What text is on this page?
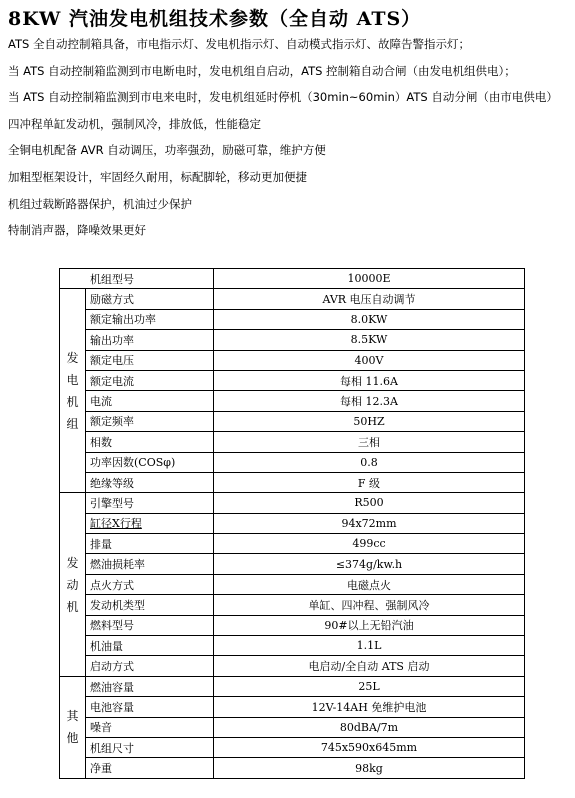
8KW 汽油发电机组技术参数（全自动 ATS）
ATS 全自动控制箱具备，市电指示灯、发电机指示灯、自动模式指示灯、故障告警指示灯；
当 ATS 自动控制箱监测到市电断电时，发电机组自启动，ATS 控制箱自动合闸（由发电机组供电）；
当 ATS 自动控制箱监测到市电来电时，发电机组延时停机（30min~60min）ATS 自动分闸（由市电供电）
四冲程单缸发动机，强制风冷，排放低，性能稳定
全铜电机配备 AVR 自动调压，功率强劲，励磁可靠，维护方便
加粗型框架设计，牢固经久耐用，标配脚轮，移动更加便捷
机组过载断路器保护，机油过少保护
特制消声器，降噪效果更好
机组型号		10000E

发电机组	励磁方式	AVR 电压自动调节
	额定输出功率	8.0KW
	输出功率	8.5KW
	额定电压	400V
	额定电流	每相 11.6A
	电流	每相 12.3A
	额定频率	50HZ
	相数	三相
	功率因数(COSφ)	0.8
	绝缘等级	F 级

发动机	引擎型号	R500
	缸径X行程	94x72mm
	排量	499cc
	燃油损耗率	≤374g/kw.h
	点火方式	电磁点火
	发动机类型	单缸、四冲程、强制风冷
	燃料型号	90#以上无铅汽油
	机油量	1.1L
	启动方式	电启动/全自动 ATS 启动

其他	燃油容量	25L
	电池容量	12V-14AH 免维护电池
	噪音	80dBA/7m
	机组尺寸	745x590x645mm
	净重	98kg
